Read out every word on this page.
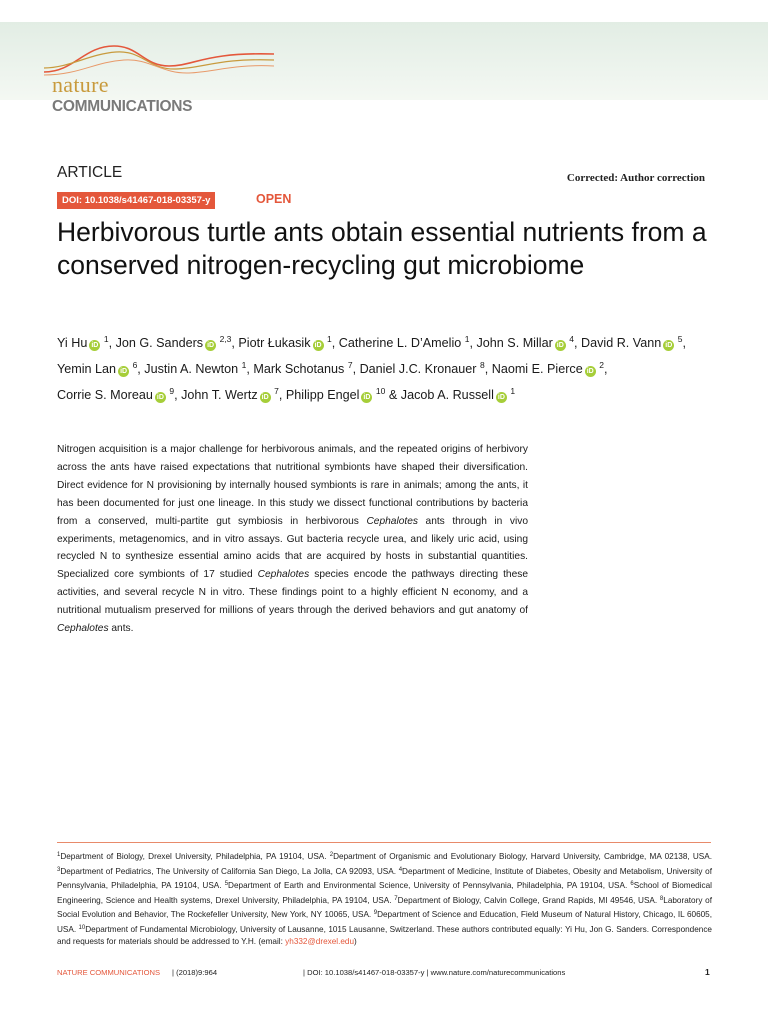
nature
COMMUNICATIONS
ARTICLE	Corrected: Author correction
DOI: 10.1038/s41467-018-03357-y	OPEN
Herbivorous turtle ants obtain essential nutrients from a conserved nitrogen-recycling gut microbiome
Yi Hu iD $^1$, Jon G. Sanders iD $^{2,3}$, Piotr Łukasik iD $^1$, Catherine L. D’Amelio $^1$, John S. Millar iD $^4$, David R. Vann iD $^5$, Yemin Lan iD $^6$, Justin A. Newton $^1$, Mark Schotanus $^7$, Daniel J.C. Kronauer $^8$, Naomi E. Pierce iD $^2$, Corrie S. Moreau iD $^9$, John T. Wertz iD $^7$, Philipp Engel iD $^{10}$ & Jacob A. Russell iD $^1$
Nitrogen acquisition is a major challenge for herbivorous animals, and the repeated origins of herbivory across the ants have raised expectations that nutritional symbionts have shaped their diversification. Direct evidence for N provisioning by internally housed symbionts is rare in animals; among the ants, it has been documented for just one lineage. In this study we dissect functional contributions by bacteria from a conserved, multi-partite gut symbiosis in herbivorous Cephalotes ants through in vivo experiments, metagenomics, and in vitro assays. Gut bacteria recycle urea, and likely uric acid, using recycled N to synthesize essential amino acids that are acquired by hosts in substantial quantities. Specialized core symbionts of 17 studied Cephalotes species encode the pathways directing these activities, and several recycle N in vitro. These findings point to a highly efficient N economy, and a nutritional mutualism preserved for millions of years through the derived behaviors and gut anatomy of Cephalotes ants.
$^1$Department of Biology, Drexel University, Philadelphia, PA 19104, USA. $^2$Department of Organismic and Evolutionary Biology, Harvard University, Cambridge, MA 02138, USA. $^3$Department of Pediatrics, The University of California San Diego, La Jolla, CA 92093, USA. $^4$Department of Medicine, Institute of Diabetes, Obesity and Metabolism, University of Pennsylvania, Philadelphia, PA 19104, USA. $^5$Department of Earth and Environmental Science, University of Pennsylvania, Philadelphia, PA 19104, USA. $^6$School of Biomedical Engineering, Science and Health systems, Drexel University, Philadelphia, PA 19104, USA. $^7$Department of Biology, Calvin College, Grand Rapids, MI 49546, USA. $^8$Laboratory of Social Evolution and Behavior, The Rockefeller University, New York, NY 10065, USA. $^9$Department of Science and Education, Field Museum of Natural History, Chicago, IL 60605, USA. $^{10}$Department of Fundamental Microbiology, University of Lausanne, 1015 Lausanne, Switzerland. These authors contributed equally: Yi Hu, Jon G. Sanders. Correspondence and requests for materials should be addressed to Y.H. (email: yh332@drexel.edu)
NATURE COMMUNICATIONS | (2018)9:964	| DOI: 10.1038/s41467-018-03357-y | www.nature.com/naturecommunications	1
